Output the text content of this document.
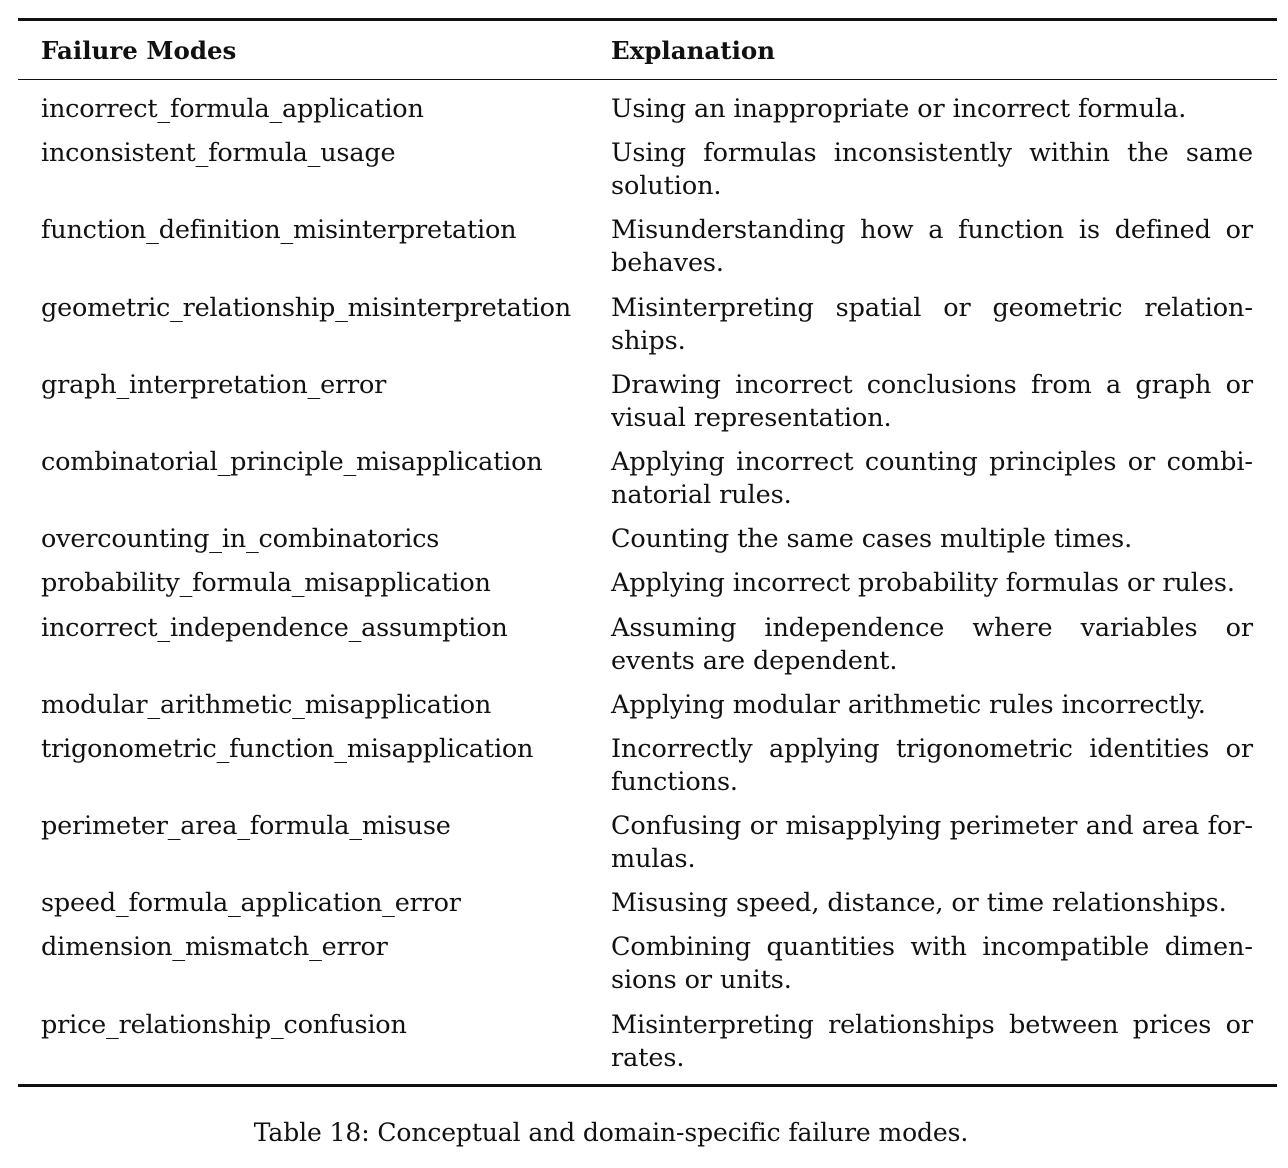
Failure Modes	Explanation
incorrect_formula_application	Using an inappropriate or incorrect formula.
inconsistent_formula_usage	Using formulas inconsistently within the same solution.
function_definition_misinterpretation	Misunderstanding how a function is defined or behaves.
geometric_relationship_misinterpretation	Misinterpreting spatial or geometric relationships.
graph_interpretation_error	Drawing incorrect conclusions from a graph or visual representation.
combinatorial_principle_misapplication	Applying incorrect counting principles or combinatorial rules.
overcounting_in_combinatorics	Counting the same cases multiple times.
probability_formula_misapplication	Applying incorrect probability formulas or rules.
incorrect_independence_assumption	Assuming independence where variables or events are dependent.
modular_arithmetic_misapplication	Applying modular arithmetic rules incorrectly.
trigonometric_function_misapplication	Incorrectly applying trigonometric identities or functions.
perimeter_area_formula_misuse	Confusing or misapplying perimeter and area formulas.
speed_formula_application_error	Misusing speed, distance, or time relationships.
dimension_mismatch_error	Combining quantities with incompatible dimensions or units.
price_relationship_confusion	Misinterpreting relationships between prices or rates.
Table 18: Conceptual and domain-specific failure modes.
